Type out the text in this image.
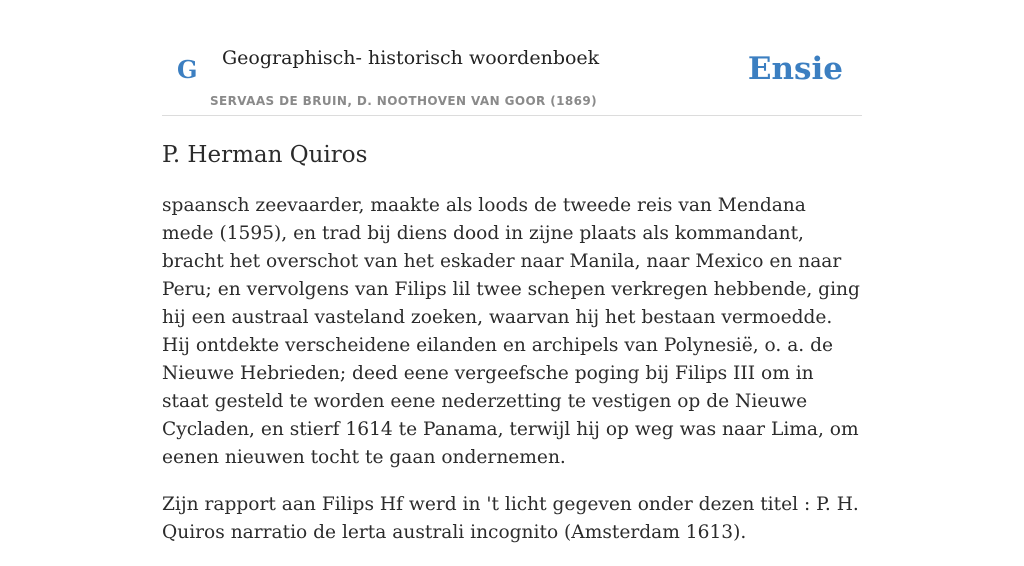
G Geographisch- historisch woordenboek
SERVAAS DE BRUIN, D. NOOTHOVEN VAN GOOR (1869)
Ensie
P. Herman Quiros

spaansch zeevaarder, maakte als loods de tweede reis van Mendana mede (1595), en trad bij diens dood in zijne plaats als kommandant, bracht het overschot van het eskader naar Manila, naar Mexico en naar Peru; en vervolgens van Filips lil twee schepen verkregen hebbende, ging hij een austraal vasteland zoeken, waarvan hij het bestaan vermoedde. Hij ontdekte verscheidene eilanden en archipels van Polynesië, o. a. de Nieuwe Hebrieden; deed eene vergeefsche poging bij Filips III om in staat gesteld te worden eene nederzetting te vestigen op de Nieuwe Cycladen, en stierf 1614 te Panama, terwijl hij op weg was naar Lima, om eenen nieuwen tocht te gaan ondernemen.

Zijn rapport aan Filips Hf werd in 't licht gegeven onder dezen titel : P. H. Quiros narratio de lerta australi incognito (Amsterdam 1613).
